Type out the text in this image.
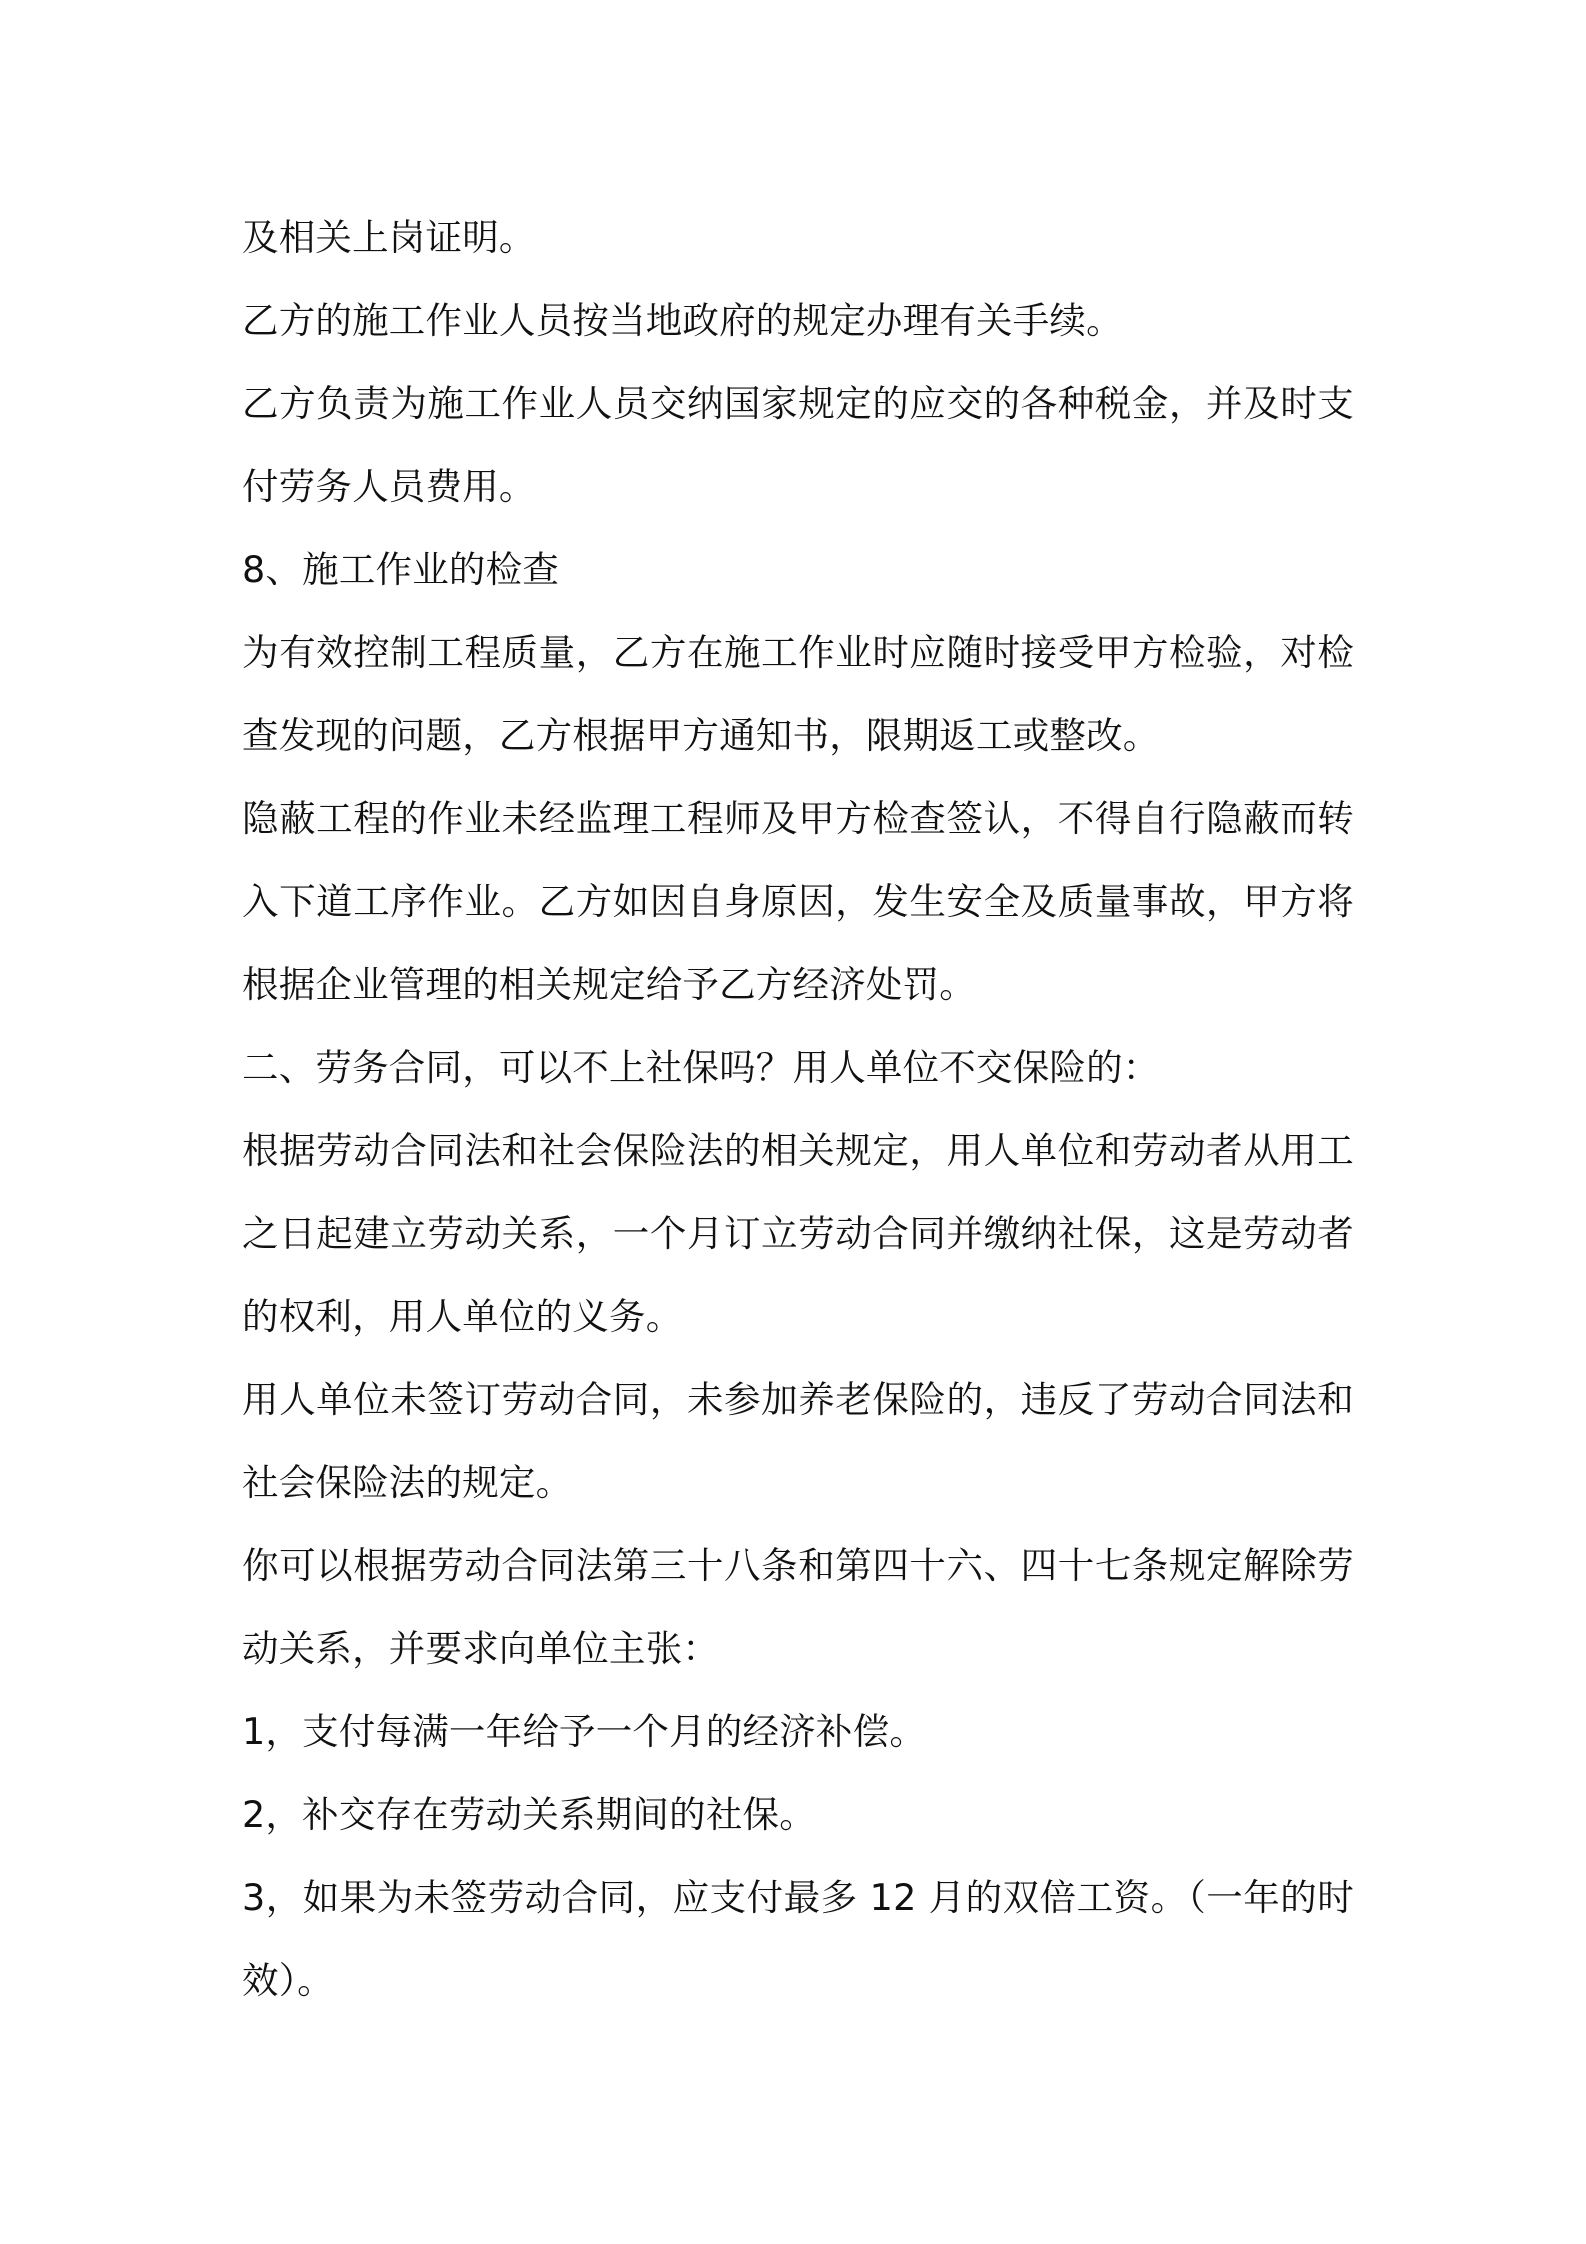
及相关上岗证明。

乙方的施工作业人员按当地政府的规定办理有关手续。

乙方负责为施工作业人员交纳国家规定的应交的各种税金，并及时支付劳务人员费用。

8、施工作业的检查

为有效控制工程质量，乙方在施工作业时应随时接受甲方检验，对检查发现的问题，乙方根据甲方通知书，限期返工或整改。

隐蔽工程的作业未经监理工程师及甲方检查签认，不得自行隐蔽而转入下道工序作业。乙方如因自身原因，发生安全及质量事故，甲方将根据企业管理的相关规定给予乙方经济处罚。

二、劳务合同，可以不上社保吗？用人单位不交保险的：

根据劳动合同法和社会保险法的相关规定，用人单位和劳动者从用工之日起建立劳动关系，一个月订立劳动合同并缴纳社保，这是劳动者的权利，用人单位的义务。

用人单位未签订劳动合同，未参加养老保险的，违反了劳动合同法和社会保险法的规定。

你可以根据劳动合同法第三十八条和第四十六、四十七条规定解除劳动关系，并要求向单位主张：

1，支付每满一年给予一个月的经济补偿。

2，补交存在劳动关系期间的社保。

3，如果为未签劳动合同，应支付最多 12 月的双倍工资。（一年的时效）。
